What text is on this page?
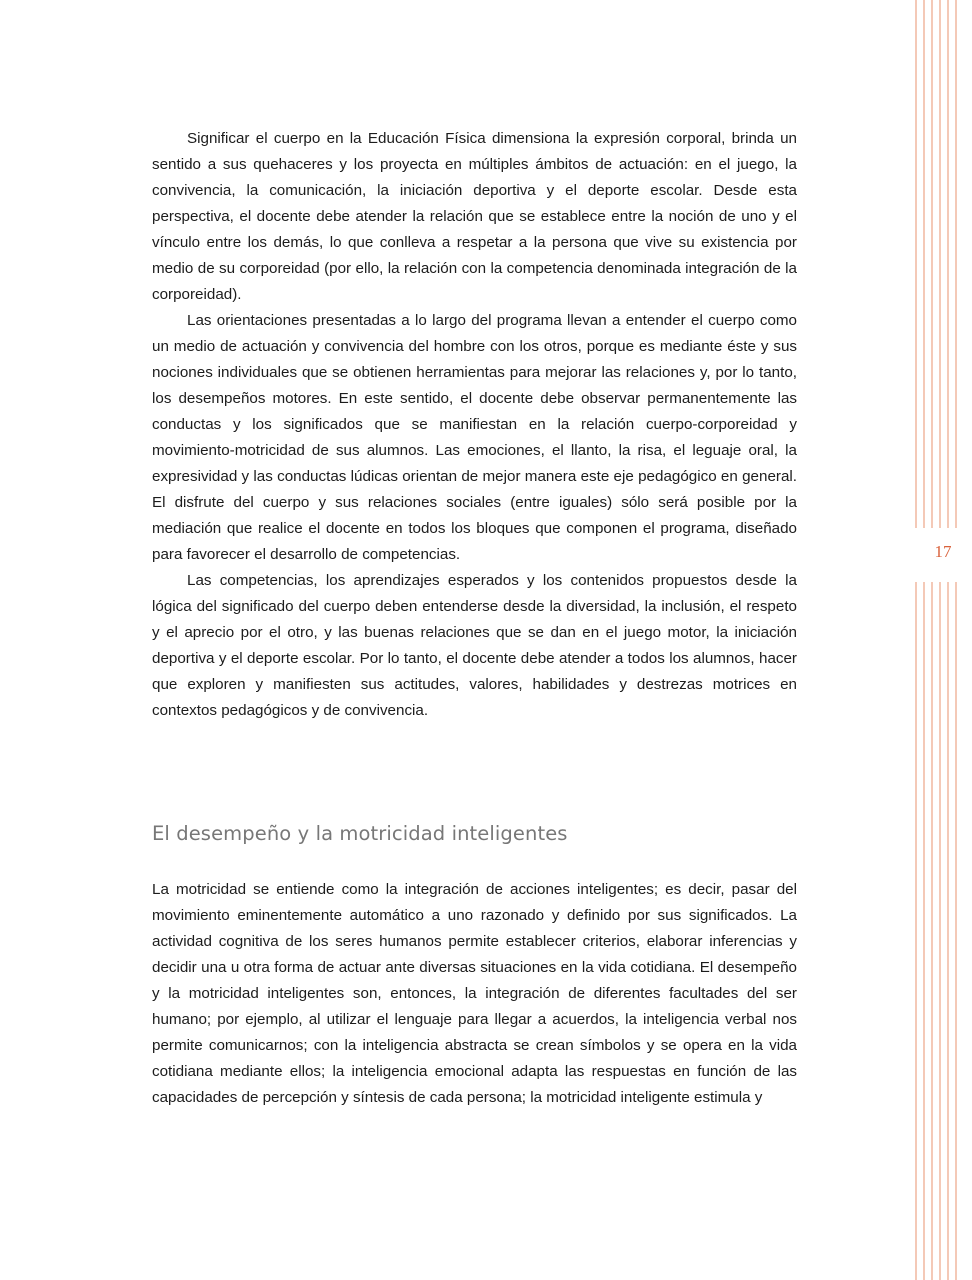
Significar el cuerpo en la Educación Física dimensiona la expresión corporal, brinda un sentido a sus quehaceres y los proyecta en múltiples ámbitos de actuación: en el juego, la convivencia, la comunicación, la iniciación deportiva y el deporte escolar. Desde esta perspectiva, el docente debe atender la relación que se establece entre la noción de uno y el vínculo entre los demás, lo que conlleva a respetar a la persona que vive su existencia por medio de su corporeidad (por ello, la relación con la competencia denominada integración de la corporeidad).

Las orientaciones presentadas a lo largo del programa llevan a entender el cuerpo como un medio de actuación y convivencia del hombre con los otros, porque es mediante éste y sus nociones individuales que se obtienen herramientas para mejorar las relaciones y, por lo tanto, los desempeños motores. En este sentido, el docente debe observar permanentemente las conductas y los significados que se manifiestan en la relación cuerpo-corporeidad y movimiento-motricidad de sus alumnos. Las emociones, el llanto, la risa, el leguaje oral, la expresividad y las conductas lúdicas orientan de mejor manera este eje pedagógico en general. El disfrute del cuerpo y sus relaciones sociales (entre iguales) sólo será posible por la mediación que realice el docente en todos los bloques que componen el programa, diseñado para favorecer el desarrollo de competencias.

Las competencias, los aprendizajes esperados y los contenidos propuestos desde la lógica del significado del cuerpo deben entenderse desde la diversidad, la inclusión, el respeto y el aprecio por el otro, y las buenas relaciones que se dan en el juego motor, la iniciación deportiva y el deporte escolar. Por lo tanto, el docente debe atender a todos los alumnos, hacer que exploren y manifiesten sus actitudes, valores, habilidades y destrezas motrices en contextos pedagógicos y de convivencia.

El desempeño y la motricidad inteligentes

La motricidad se entiende como la integración de acciones inteligentes; es decir, pasar del movimiento eminentemente automático a uno razonado y definido por sus significados. La actividad cognitiva de los seres humanos permite establecer criterios, elaborar inferencias y decidir una u otra forma de actuar ante diversas situaciones en la vida cotidiana. El desempeño y la motricidad inteligentes son, entonces, la integración de diferentes facultades del ser humano; por ejemplo, al utilizar el lenguaje para llegar a acuerdos, la inteligencia verbal nos permite comunicarnos; con la inteligencia abstracta se crean símbolos y se opera en la vida cotidiana mediante ellos; la inteligencia emocional adapta las respuestas en función de las capacidades de percepción y síntesis de cada persona; la motricidad inteligente estimula y

17
